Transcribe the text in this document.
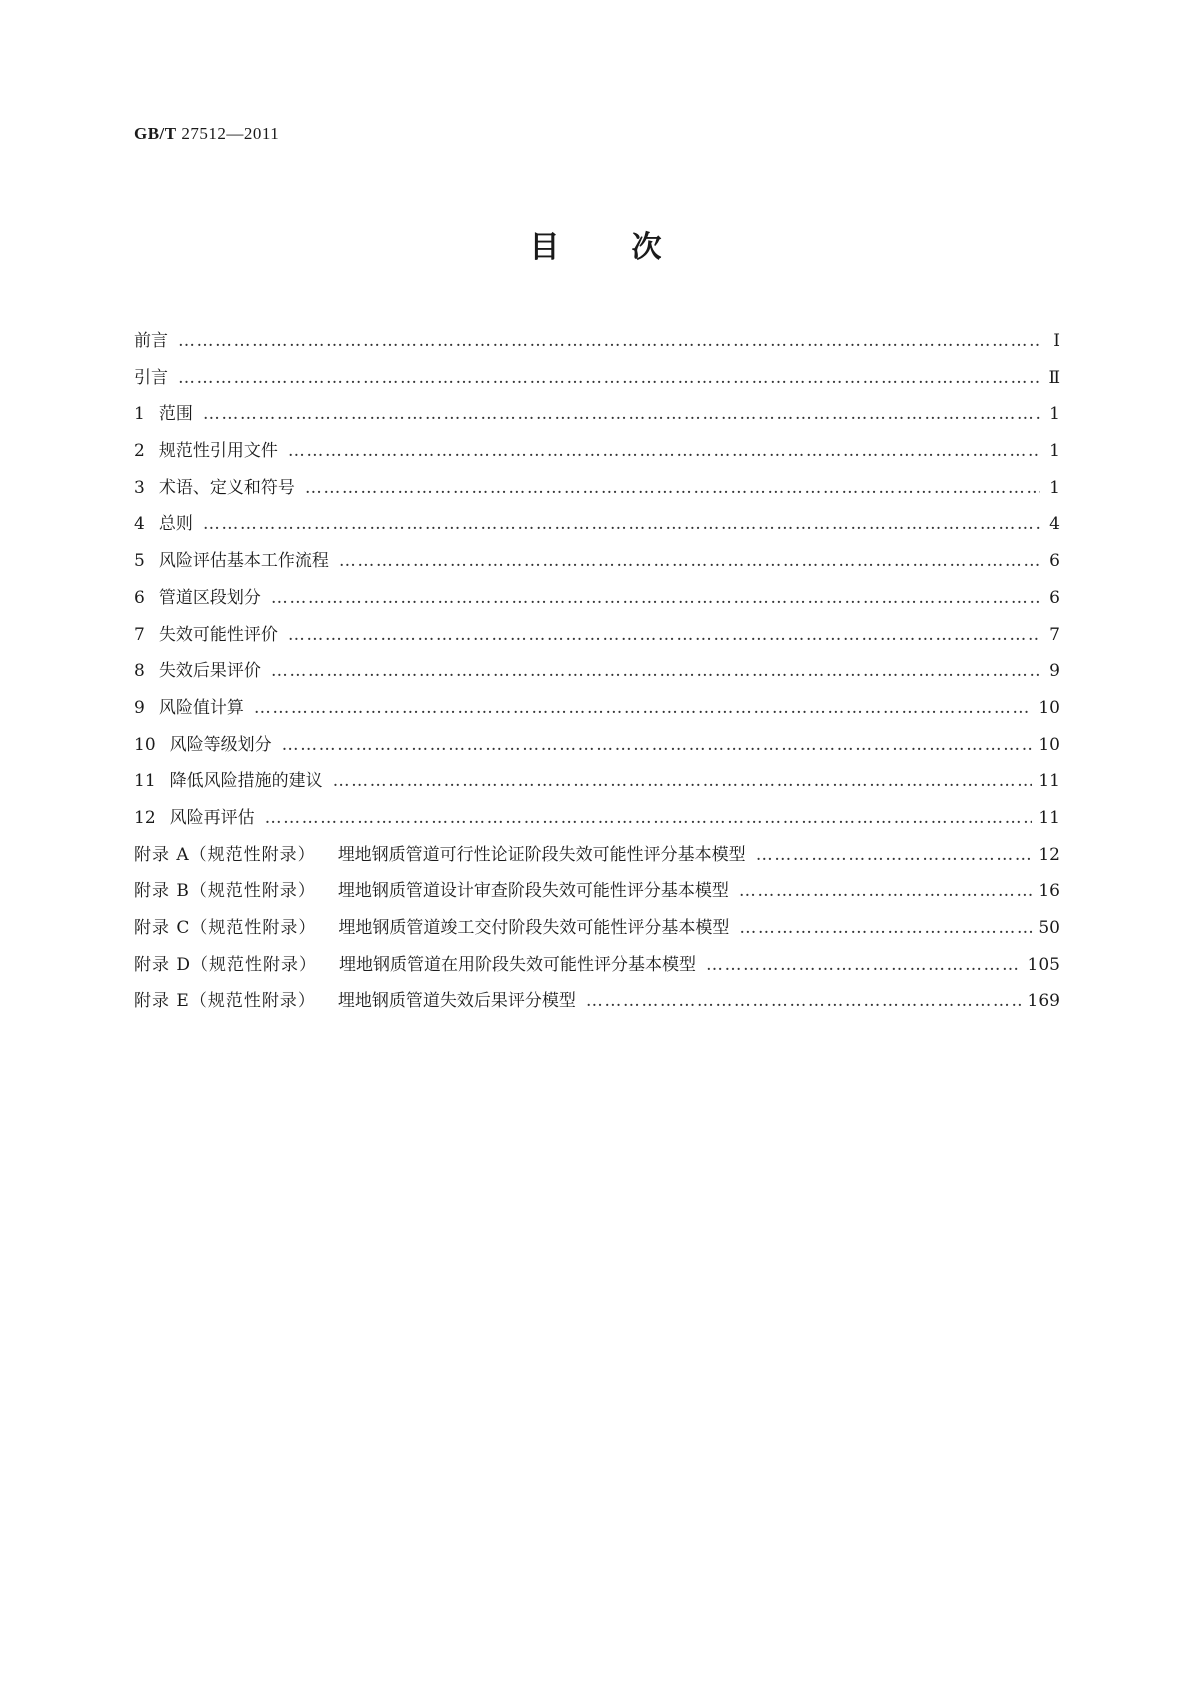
GB/T 27512—2011
目 次
前言 ………………………………………………………………………………………………………………………………………………………………………………………………	Ⅰ
引言 ………………………………………………………………………………………………………………………………………………………………………………………………	Ⅱ
1 范围 ………………………………………………………………………………………………………………………………………………………………………………………………	1
2 规范性引用文件 ………………………………………………………………………………………………………………………………………………………………………………………………	1
3 术语、定义和符号 ………………………………………………………………………………………………………………………………………………………………………………………………	1
4 总则 ………………………………………………………………………………………………………………………………………………………………………………………………	4
5 风险评估基本工作流程 ………………………………………………………………………………………………………………………………………………………………………………………………	6
6 管道区段划分 ………………………………………………………………………………………………………………………………………………………………………………………………	6
7 失效可能性评价 ………………………………………………………………………………………………………………………………………………………………………………………………	7
8 失效后果评价 ………………………………………………………………………………………………………………………………………………………………………………………………	9
9 风险值计算 ………………………………………………………………………………………………………………………………………………………………………………………………	10
10 风险等级划分 ………………………………………………………………………………………………………………………………………………………………………………………………	10
11 降低风险措施的建议 ………………………………………………………………………………………………………………………………………………………………………………………………	11
12 风险再评估 ………………………………………………………………………………………………………………………………………………………………………………………………	11
附录 A（规范性附录） 埋地钢质管道可行性论证阶段失效可能性评分基本模型 ………………………………………………………………………………………………………………………………………………………………………………………………	12
附录 B（规范性附录） 埋地钢质管道设计审查阶段失效可能性评分基本模型 ………………………………………………………………………………………………………………………………………………………………………………………………	16
附录 C（规范性附录） 埋地钢质管道竣工交付阶段失效可能性评分基本模型 ………………………………………………………………………………………………………………………………………………………………………………………………	50
附录 D（规范性附录） 埋地钢质管道在用阶段失效可能性评分基本模型 ………………………………………………………………………………………………………………………………………………………………………………………………	105
附录 E（规范性附录） 埋地钢质管道失效后果评分模型 ………………………………………………………………………………………………………………………………………………………………………………………………	169
